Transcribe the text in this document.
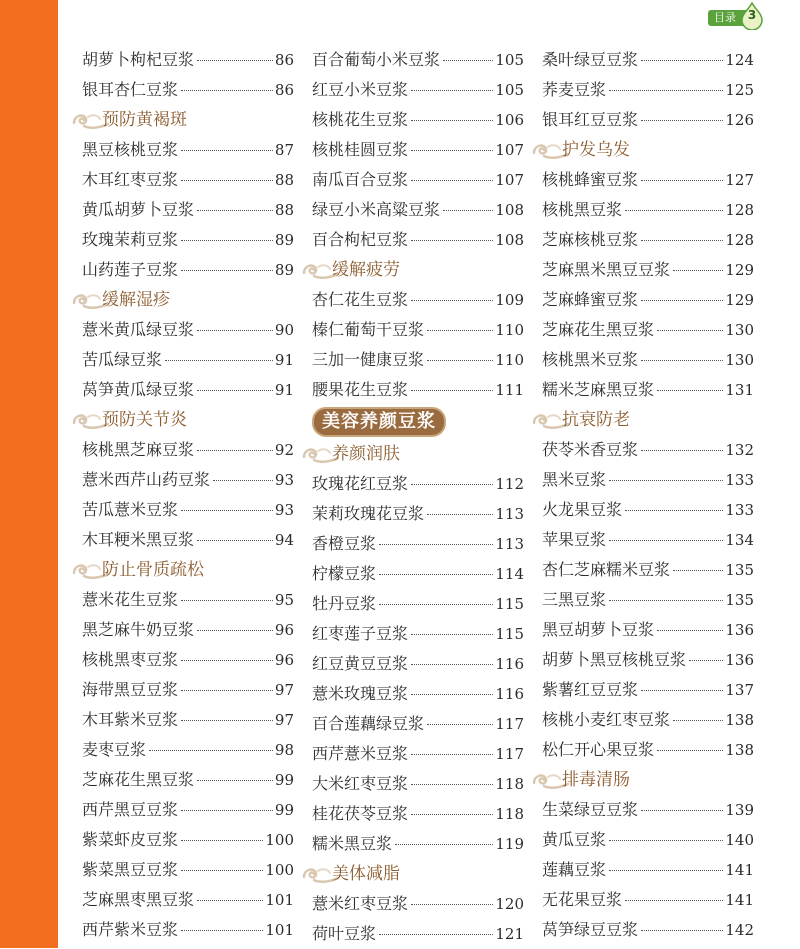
目录 3
胡萝卜枸杞豆浆	86
银耳杏仁豆浆	86
预防黄褐斑
黑豆核桃豆浆	87
木耳红枣豆浆	88
黄瓜胡萝卜豆浆	88
玫瑰茉莉豆浆	89
山药莲子豆浆	89
缓解湿疹
薏米黄瓜绿豆浆	90
苦瓜绿豆浆	91
莴笋黄瓜绿豆浆	91
预防关节炎
核桃黑芝麻豆浆	92
薏米西芹山药豆浆	93
苦瓜薏米豆浆	93
木耳粳米黑豆浆	94
防止骨质疏松
薏米花生豆浆	95
黑芝麻牛奶豆浆	96
核桃黑枣豆浆	96
海带黑豆豆浆	97
木耳紫米豆浆	97
麦枣豆浆	98
芝麻花生黑豆浆	99
西芹黑豆豆浆	99
紫菜虾皮豆浆	100
紫菜黑豆豆浆	100
芝麻黑枣黑豆浆	101
西芹紫米豆浆	101
百合葡萄小米豆浆	105
红豆小米豆浆	105
核桃花生豆浆	106
核桃桂圆豆浆	107
南瓜百合豆浆	107
绿豆小米高粱豆浆	108
百合枸杞豆浆	108
缓解疲劳
杏仁花生豆浆	109
榛仁葡萄干豆浆	110
三加一健康豆浆	110
腰果花生豆浆	111
美容养颜豆浆
养颜润肤
玫瑰花红豆浆	112
茉莉玫瑰花豆浆	113
香橙豆浆	113
柠檬豆浆	114
牡丹豆浆	115
红枣莲子豆浆	115
红豆黄豆豆浆	116
薏米玫瑰豆浆	116
百合莲藕绿豆浆	117
西芹薏米豆浆	117
大米红枣豆浆	118
桂花茯苓豆浆	118
糯米黑豆浆	119
美体减脂
薏米红枣豆浆	120
荷叶豆浆	121
桑叶绿豆豆浆	124
荞麦豆浆	125
银耳红豆豆浆	126
护发乌发
核桃蜂蜜豆浆	127
核桃黑豆浆	128
芝麻核桃豆浆	128
芝麻黑米黑豆豆浆	129
芝麻蜂蜜豆浆	129
芝麻花生黑豆浆	130
核桃黑米豆浆	130
糯米芝麻黑豆浆	131
抗衰防老
茯苓米香豆浆	132
黑米豆浆	133
火龙果豆浆	133
苹果豆浆	134
杏仁芝麻糯米豆浆	135
三黑豆浆	135
黑豆胡萝卜豆浆	136
胡萝卜黑豆核桃豆浆	136
紫薯红豆豆浆	137
核桃小麦红枣豆浆	138
松仁开心果豆浆	138
排毒清肠
生菜绿豆豆浆	139
黄瓜豆浆	140
莲藕豆浆	141
无花果豆浆	141
莴笋绿豆豆浆	142
